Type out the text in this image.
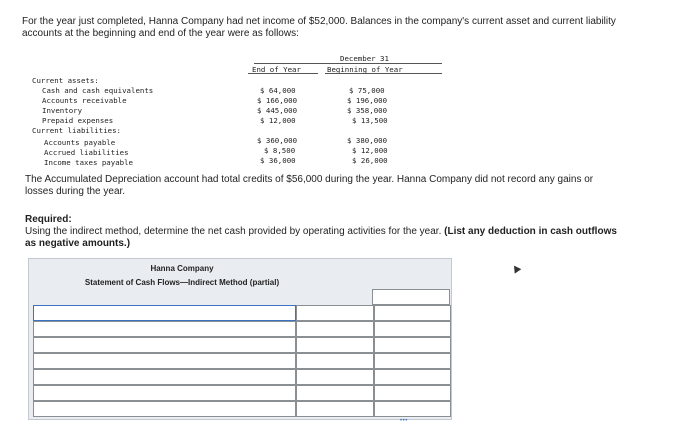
For the year just completed, Hanna Company had net income of $52,000. Balances in the company's current asset and current liability
accounts at the beginning and end of the year were as follows:
December 31
End of Year	Beginning of Year
Current assets:
Cash and cash equivalents	$ 64,000	$ 75,000
Accounts receivable	$ 166,000	$ 196,000
Inventory	$ 445,000	$ 358,000
Prepaid expenses	$ 12,000	$ 13,500
Current liabilities:
Accounts payable	$ 360,000	$ 380,000
Accrued liabilities	$ 8,500	$ 12,000
Income taxes payable	$ 36,000	$ 26,000
The Accumulated Depreciation account had total credits of $56,000 during the year. Hanna Company did not record any gains or
losses during the year.
Required:
Using the indirect method, determine the net cash provided by operating activities for the year. (List any deduction in cash outflows
as negative amounts.)
Hanna Company
Statement of Cash Flows—Indirect Method (partial)
•••
